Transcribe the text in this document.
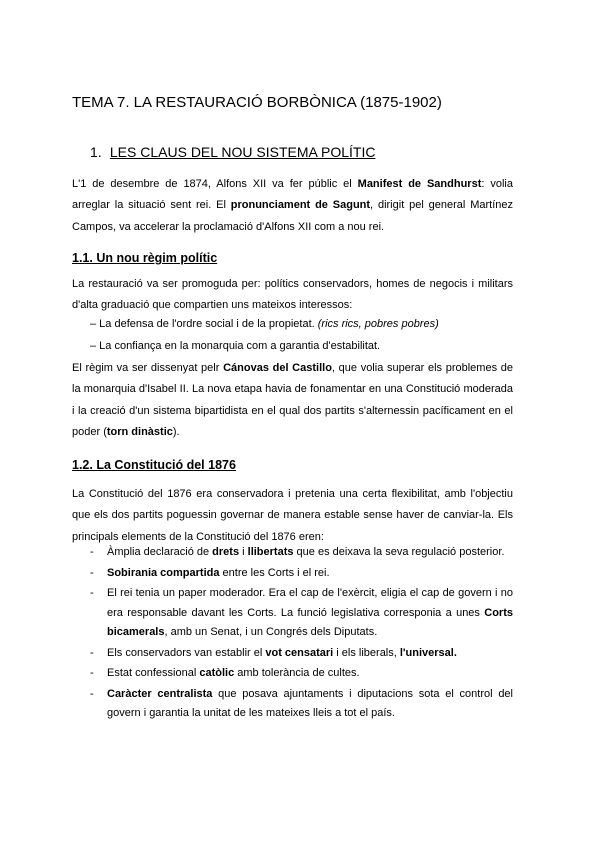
TEMA 7. LA RESTAURACIÓ BORBÒNICA (1875-1902)
1. LES CLAUS DEL NOU SISTEMA POLÍTIC
L'1 de desembre de 1874, Alfons XII va fer públic el Manifest de Sandhurst: volia arreglar la situació sent rei. El pronunciament de Sagunt, dirigit pel general Martínez Campos, va accelerar la proclamació d'Alfons XII com a nou rei.
1.1. Un nou règim polític
La restauració va ser promoguda per: polítics conservadors, homes de negocis i militars d'alta graduació que compartien uns mateixos interessos:
– La defensa de l'ordre social i de la propietat. (rics rics, pobres pobres)
– La confiança en la monarquia com a garantia d'estabilitat.
El règim va ser dissenyat pelr Cánovas del Castillo, que volia superar els problemes de la monarquia d'Isabel II. La nova etapa havia de fonamentar en una Constitució moderada i la creació d'un sistema bipartidista en el qual dos partits s'alternessin pacíficament en el poder (torn dinàstic).
1.2. La Constitució del 1876
La Constitució del 1876 era conservadora i pretenia una certa flexibilitat, amb l'objectiu que els dos partits poguessin governar de manera estable sense haver de canviar-la. Els principals elements de la Constitució del 1876 eren:
- Àmplia declaració de drets i llibertats que es deixava la seva regulació posterior.
- Sobirania compartida entre les Corts i el rei.
- El rei tenia un paper moderador. Era el cap de l'exèrcit, eligia el cap de govern i no era responsable davant les Corts. La funció legislativa corresponia a unes Corts bicamerals, amb un Senat, i un Congrés dels Diputats.
- Els conservadors van establir el vot censatari i els liberals, l'universal.
- Estat confessional catòlic amb tolerància de cultes.
- Caràcter centralista que posava ajuntaments i diputacions sota el control del govern i garantia la unitat de les mateixes lleis a tot el país.
